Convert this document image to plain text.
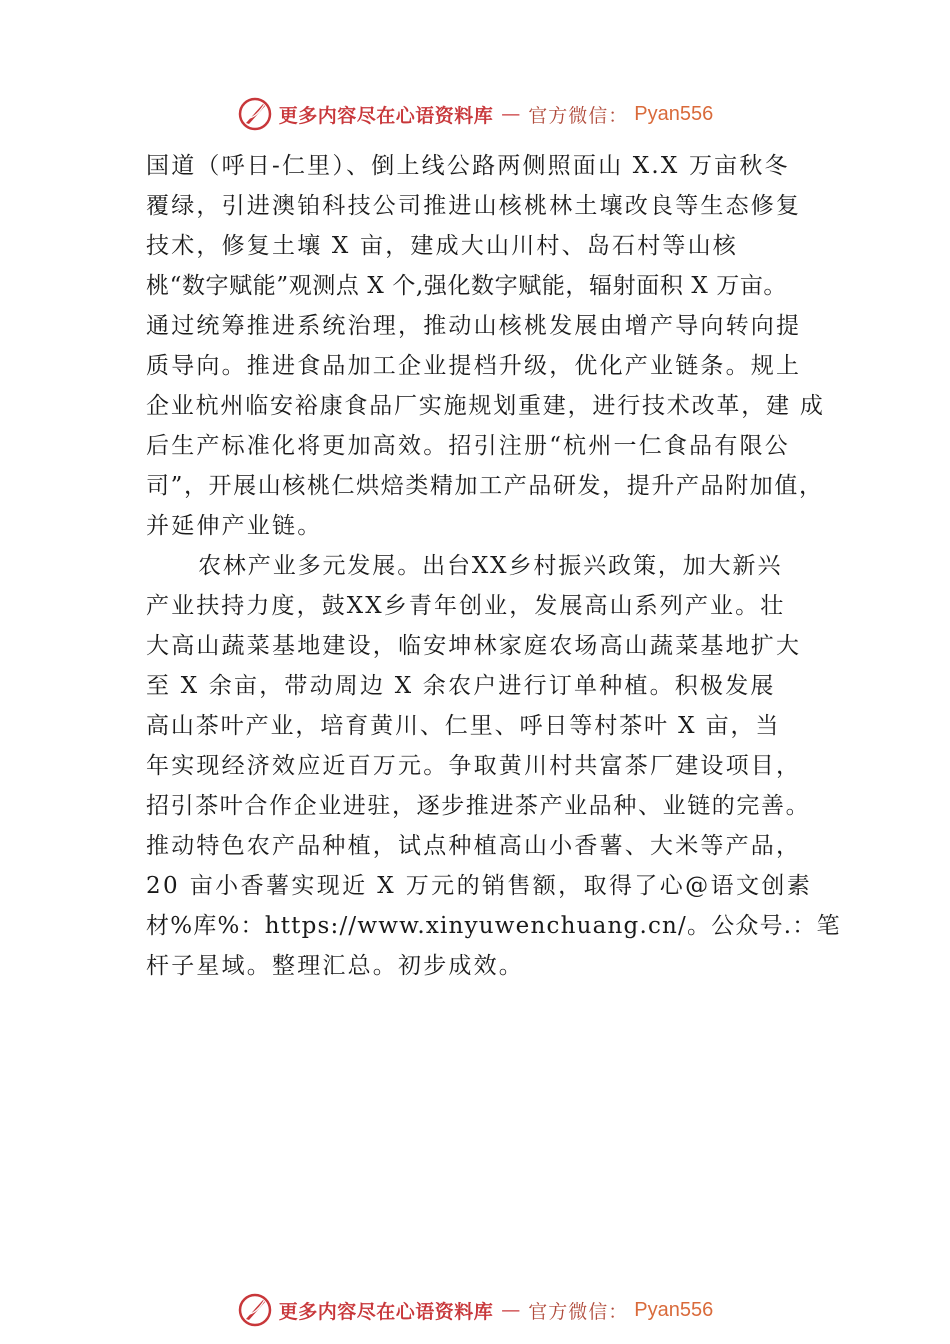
更多内容尽在心语资料库 — 官方微信： Pyan556
国道（呼日-仁里）、倒上线公路两侧照面山 X.X 万亩秋冬
覆绿，引进澳铂科技公司推进山核桃林土壤改良等生态修复
技术，修复土壤 X 亩，建成大山川村、岛石村等山核
桃“数字赋能”观测点 X 个,强化数字赋能，辐射面积 X 万亩。
通过统筹推进系统治理，推动山核桃发展由增产导向转向提
质导向。推进食品加工企业提档升级，优化产业链条。规上
企业杭州临安裕康食品厂实施规划重建，进行技术改革，建 成
后生产标准化将更加高效。招引注册“杭州一仁食品有限公
司”，开展山核桃仁烘焙类精加工产品研发，提升产品附加值，
并延伸产业链。
农林产业多元发展。出台XX乡村振兴政策，加大新兴
产业扶持力度，鼓XX乡青年创业，发展高山系列产业。壮
大高山蔬菜基地建设，临安坤林家庭农场高山蔬菜基地扩大
至 X 余亩，带动周边 X 余农户进行订单种植。积极发展
高山茶叶产业，培育黄川、仁里、呼日等村茶叶 X 亩，当
年实现经济效应近百万元。争取黄川村共富茶厂建设项目，
招引茶叶合作企业进驻，逐步推进茶产业品种、业链的完善。
推动特色农产品种植，试点种植高山小香薯、大米等产品，
20 亩小香薯实现近 X 万元的销售额，取得了心@语文创素
材%库%：https://www.xinyuwenchuang.cn/。公众号.：笔
杆子星域。整理汇总。初步成效。
更多内容尽在心语资料库 — 官方微信： Pyan556
